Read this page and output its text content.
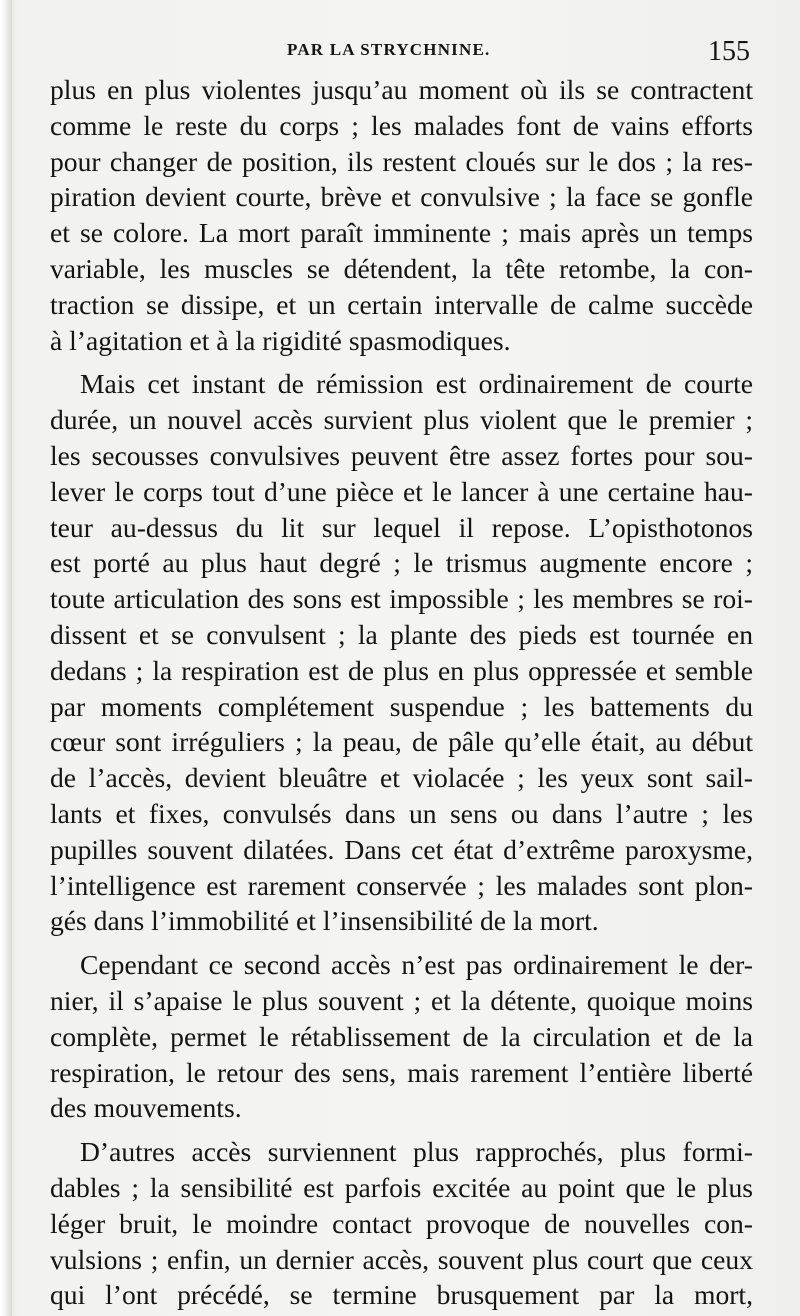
PAR LA STRYCHNINE.	155
plus en plus violentes jusqu’au moment où ils se contractent
comme le reste du corps ; les malades font de vains efforts
pour changer de position, ils restent cloués sur le dos ; la res-
piration devient courte, brève et convulsive ; la face se gonfle
et se colore. La mort paraît imminente ; mais après un temps
variable, les muscles se détendent, la tête retombe, la con-
traction se dissipe, et un certain intervalle de calme succède
à l’agitation et à la rigidité spasmodiques.
Mais cet instant de rémission est ordinairement de courte
durée, un nouvel accès survient plus violent que le premier ;
les secousses convulsives peuvent être assez fortes pour sou-
lever le corps tout d’une pièce et le lancer à une certaine hau-
teur au-dessus du lit sur lequel il repose. L’opisthotonos
est porté au plus haut degré ; le trismus augmente encore ;
toute articulation des sons est impossible ; les membres se roi-
dissent et se convulsent ; la plante des pieds est tournée en
dedans ; la respiration est de plus en plus oppressée et semble
par moments complétement suspendue ; les battements du
cœur sont irréguliers ; la peau, de pâle qu’elle était, au début
de l’accès, devient bleuâtre et violacée ; les yeux sont sail-
lants et fixes, convulsés dans un sens ou dans l’autre ; les
pupilles souvent dilatées. Dans cet état d’extrême paroxysme,
l’intelligence est rarement conservée ; les malades sont plon-
gés dans l’immobilité et l’insensibilité de la mort.
Cependant ce second accès n’est pas ordinairement le der-
nier, il s’apaise le plus souvent ; et la détente, quoique moins
complète, permet le rétablissement de la circulation et de la
respiration, le retour des sens, mais rarement l’entière liberté
des mouvements.
D’autres accès surviennent plus rapprochés, plus formi-
dables ; la sensibilité est parfois excitée au point que le plus
léger bruit, le moindre contact provoque de nouvelles con-
vulsions ; enfin, un dernier accès, souvent plus court que ceux
qui l’ont précédé, se termine brusquement par la mort,
